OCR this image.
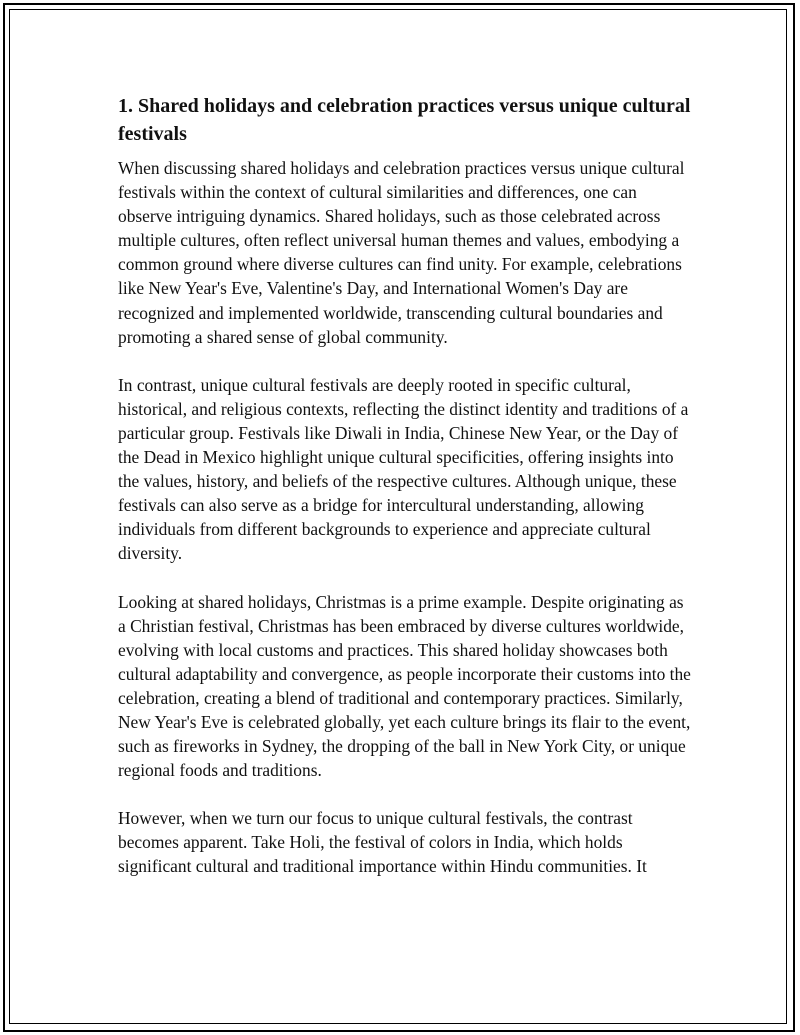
1. Shared holidays and celebration practices versus unique cultural festivals

When discussing shared holidays and celebration practices versus unique cultural festivals within the context of cultural similarities and differences, one can observe intriguing dynamics. Shared holidays, such as those celebrated across multiple cultures, often reflect universal human themes and values, embodying a common ground where diverse cultures can find unity. For example, celebrations like New Year's Eve, Valentine's Day, and International Women's Day are recognized and implemented worldwide, transcending cultural boundaries and promoting a shared sense of global community.

In contrast, unique cultural festivals are deeply rooted in specific cultural, historical, and religious contexts, reflecting the distinct identity and traditions of a particular group. Festivals like Diwali in India, Chinese New Year, or the Day of the Dead in Mexico highlight unique cultural specificities, offering insights into the values, history, and beliefs of the respective cultures. Although unique, these festivals can also serve as a bridge for intercultural understanding, allowing individuals from different backgrounds to experience and appreciate cultural diversity.

Looking at shared holidays, Christmas is a prime example. Despite originating as a Christian festival, Christmas has been embraced by diverse cultures worldwide, evolving with local customs and practices. This shared holiday showcases both cultural adaptability and convergence, as people incorporate their customs into the celebration, creating a blend of traditional and contemporary practices. Similarly, New Year's Eve is celebrated globally, yet each culture brings its flair to the event, such as fireworks in Sydney, the dropping of the ball in New York City, or unique regional foods and traditions.

However, when we turn our focus to unique cultural festivals, the contrast becomes apparent. Take Holi, the festival of colors in India, which holds significant cultural and traditional importance within Hindu communities. It
